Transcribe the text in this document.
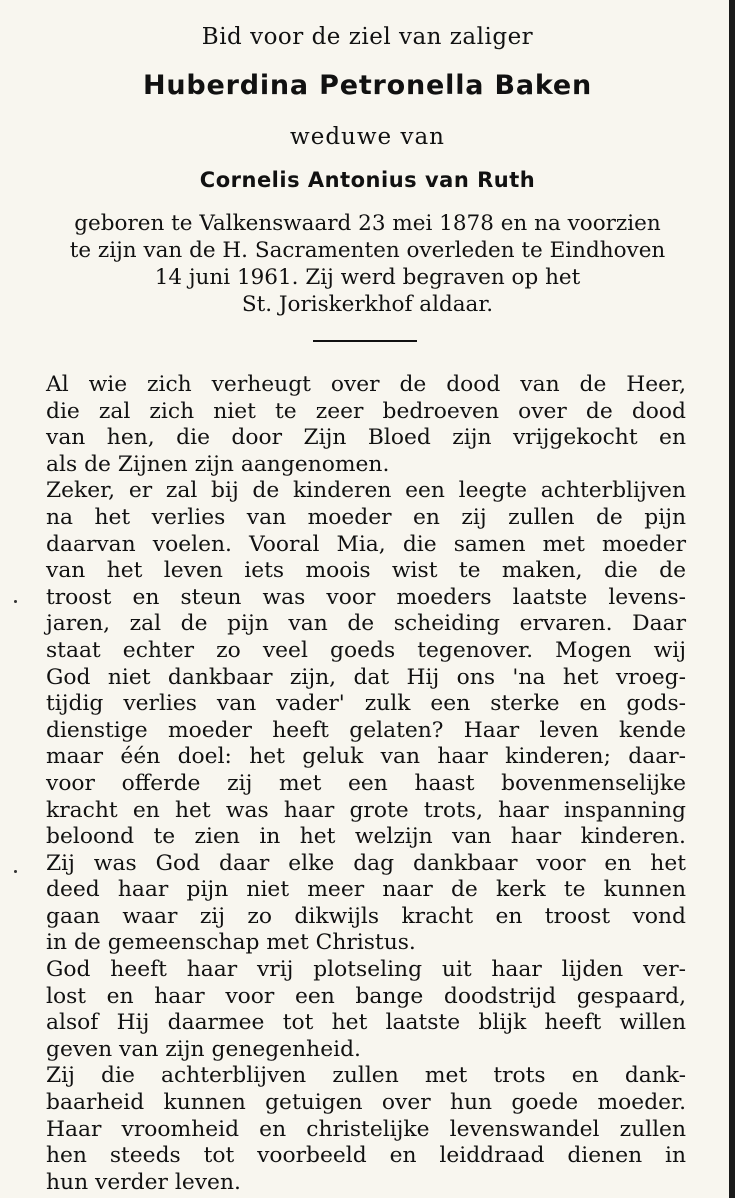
Bid voor de ziel van zaliger
Huberdina Petronella Baken
weduwe van
Cornelis Antonius van Ruth
geboren te Valkenswaard 23 mei 1878 en na voorzien
te zijn van de H. Sacramenten overleden te Eindhoven
14 juni 1961. Zij werd begraven op het
St. Joriskerkhof aldaar.
Al wie zich verheugt over de dood van de Heer,
die zal zich niet te zeer bedroeven over de dood
van hen, die door Zijn Bloed zijn vrijgekocht en
als de Zijnen zijn aangenomen.
Zeker, er zal bij de kinderen een leegte achterblijven
na het verlies van moeder en zij zullen de pijn
daarvan voelen. Vooral Mia, die samen met moeder
van het leven iets moois wist te maken, die de
troost en steun was voor moeders laatste levens-
jaren, zal de pijn van de scheiding ervaren. Daar
staat echter zo veel goeds tegenover. Mogen wij
God niet dankbaar zijn, dat Hij ons 'na het vroeg-
tijdig verlies van vader' zulk een sterke en gods-
dienstige moeder heeft gelaten? Haar leven kende
maar één doel: het geluk van haar kinderen; daar-
voor offerde zij met een haast bovenmenselijke
kracht en het was haar grote trots, haar inspanning
beloond te zien in het welzijn van haar kinderen.
Zij was God daar elke dag dankbaar voor en het
deed haar pijn niet meer naar de kerk te kunnen
gaan waar zij zo dikwijls kracht en troost vond
in de gemeenschap met Christus.
God heeft haar vrij plotseling uit haar lijden ver-
lost en haar voor een bange doodstrijd gespaard,
alsof Hij daarmee tot het laatste blijk heeft willen
geven van zijn genegenheid.
Zij die achterblijven zullen met trots en dank-
baarheid kunnen getuigen over hun goede moeder.
Haar vroomheid en christelijke levenswandel zullen
hen steeds tot voorbeeld en leiddraad dienen in
hun verder leven.
